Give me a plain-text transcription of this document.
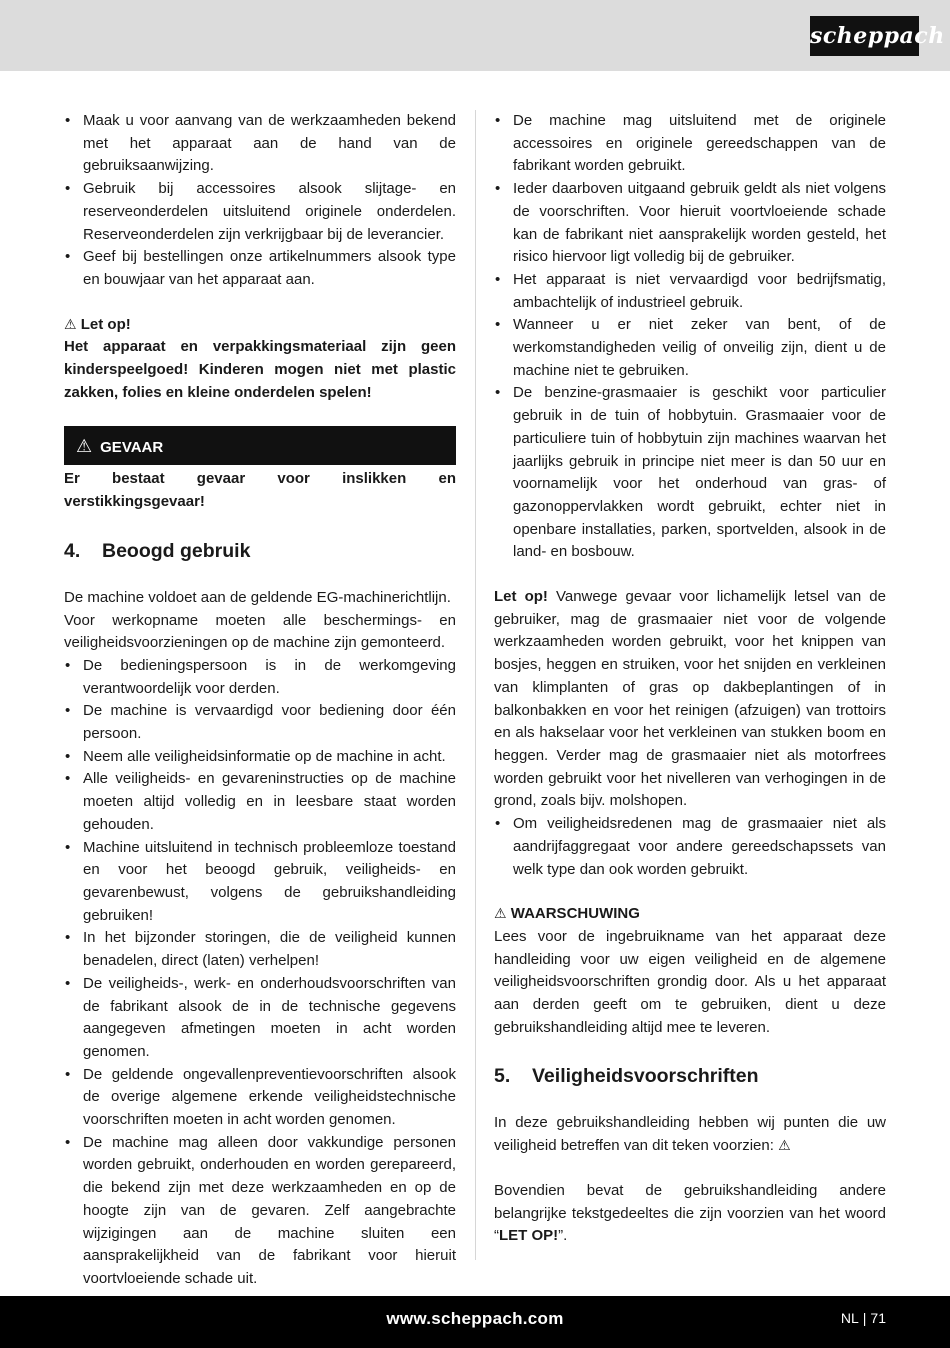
scheppach
• Maak u voor aanvang van de werkzaamheden bekend met het apparaat aan de hand van de gebruiksaanwijzing.
• Gebruik bij accessoires alsook slijtage- en reserveonderdelen uitsluitend originele onderdelen. Reserveonderdelen zijn verkrijgbaar bij de leverancier.
• Geef bij bestellingen onze artikelnummers alsook type en bouwjaar van het apparaat aan.

⚠ Let op!

Het apparaat en verpakkingsmateriaal zijn geen kinderspeelgoed! Kinderen mogen niet met plastic zakken, folies en kleine onderdelen spelen!

⚠ GEVAAR

Er bestaat gevaar voor inslikken en verstikkingsgevaar!

4. Beoogd gebruik

De machine voldoet aan de geldende EG-machinerichtlijn.

Voor werkopname moeten alle beschermings- en veiligheidsvoorzieningen op de machine zijn gemonteerd.

• De bedieningspersoon is in de werkomgeving verantwoordelijk voor derden.
• De machine is vervaardigd voor bediening door één persoon.
• Neem alle veiligheidsinformatie op de machine in acht.
• Alle veiligheids- en gevareninstructies op de machine moeten altijd volledig en in leesbare staat worden gehouden.
• Machine uitsluitend in technisch probleemloze toestand en voor het beoogd gebruik, veiligheids- en gevarenbewust, volgens de gebruikshandleiding gebruiken!
• In het bijzonder storingen, die de veiligheid kunnen benadelen, direct (laten) verhelpen!
• De veiligheids-, werk- en onderhoudsvoorschriften van de fabrikant alsook de in de technische gegevens aangegeven afmetingen moeten in acht worden genomen.
• De geldende ongevallenpreventievoorschriften alsook de overige algemene erkende veiligheidstechnische voorschriften moeten in acht worden genomen.
• De machine mag alleen door vakkundige personen worden gebruikt, onderhouden en worden gerepareerd, die bekend zijn met deze werkzaamheden en op de hoogte zijn van de gevaren. Zelf aangebrachte wijzigingen aan de machine sluiten een aansprakelijkheid van de fabrikant voor hieruit voortvloeiende schade uit.
• De machine mag uitsluitend met de originele accessoires en originele gereedschappen van de fabrikant worden gebruikt.
• Ieder daarboven uitgaand gebruik geldt als niet volgens de voorschriften. Voor hieruit voortvloeiende schade kan de fabrikant niet aansprakelijk worden gesteld, het risico hiervoor ligt volledig bij de gebruiker.
• Het apparaat is niet vervaardigd voor bedrijfsmatig, ambachtelijk of industrieel gebruik.
• Wanneer u er niet zeker van bent, of de werkomstandigheden veilig of onveilig zijn, dient u de machine niet te gebruiken.
• De benzine-grasmaaier is geschikt voor particulier gebruik in de tuin of hobbytuin. Grasmaaier voor de particuliere tuin of hobbytuin zijn machines waarvan het jaarlijks gebruik in principe niet meer is dan 50 uur en voornamelijk voor het onderhoud van gras- of gazonoppervlakken wordt gebruikt, echter niet in openbare installaties, parken, sportvelden, alsook in de land- en bosbouw.

Let op! Vanwege gevaar voor lichamelijk letsel van de gebruiker, mag de grasmaaier niet voor de volgende werkzaamheden worden gebruikt, voor het knippen van bosjes, heggen en struiken, voor het snijden en verkleinen van klimplanten of gras op dakbeplantingen of in balkonbakken en voor het reinigen (afzuigen) van trottoirs en als hakselaar voor het verkleinen van stukken boom en heggen. Verder mag de grasmaaier niet als motorfrees worden gebruikt voor het nivelleren van verhogingen in de grond, zoals bijv. molshopen.

• Om veiligheidsredenen mag de grasmaaier niet als aandrijfaggregaat voor andere gereedschapssets van welk type dan ook worden gebruikt.

⚠ WAARSCHUWING

Lees voor de ingebruikname van het apparaat deze handleiding voor uw eigen veiligheid en de algemene veiligheidsvoorschriften grondig door. Als u het apparaat aan derden geeft om te gebruiken, dient u deze gebruikshandleiding altijd mee te leveren.

5. Veiligheidsvoorschriften

In deze gebruikshandleiding hebben wij punten die uw veiligheid betreffen van dit teken voorzien: ⚠

Bovendien bevat de gebruikshandleiding andere belangrijke tekstgedeeltes die zijn voorzien van het woord “LET OP!”.

www.scheppach.com	NL | 71
